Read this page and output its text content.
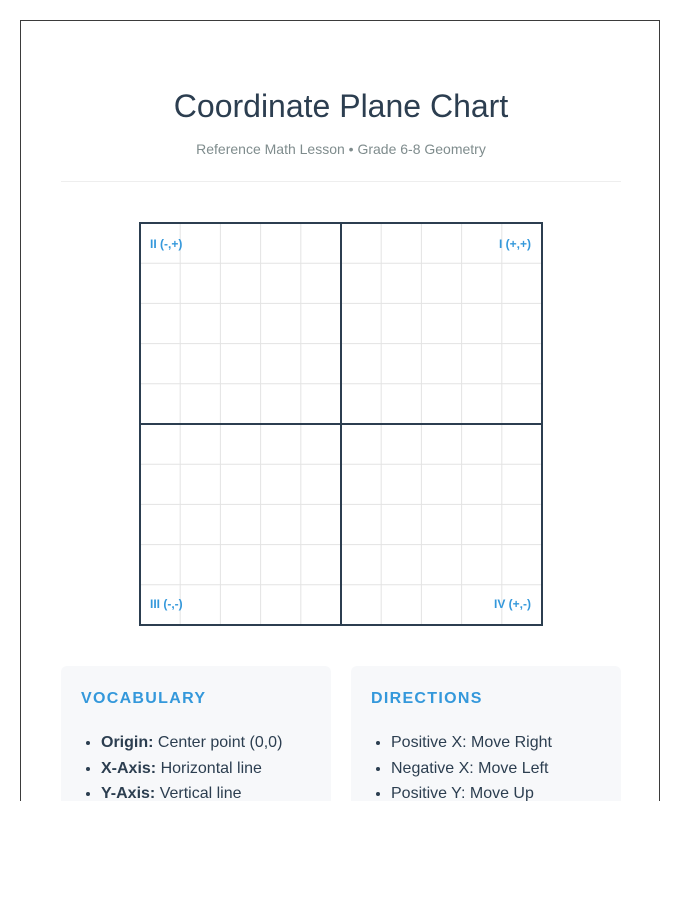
Coordinate Plane Chart
Reference Math Lesson • Grade 6-8 Geometry
II (-,+)	I (+,+)
III (-,-)	IV (+,-)
VOCABULARY
• Origin: Center point (0,0)
• X-Axis: Horizontal line
• Y-Axis: Vertical line
DIRECTIONS
• Positive X: Move Right
• Negative X: Move Left
• Positive Y: Move Up
